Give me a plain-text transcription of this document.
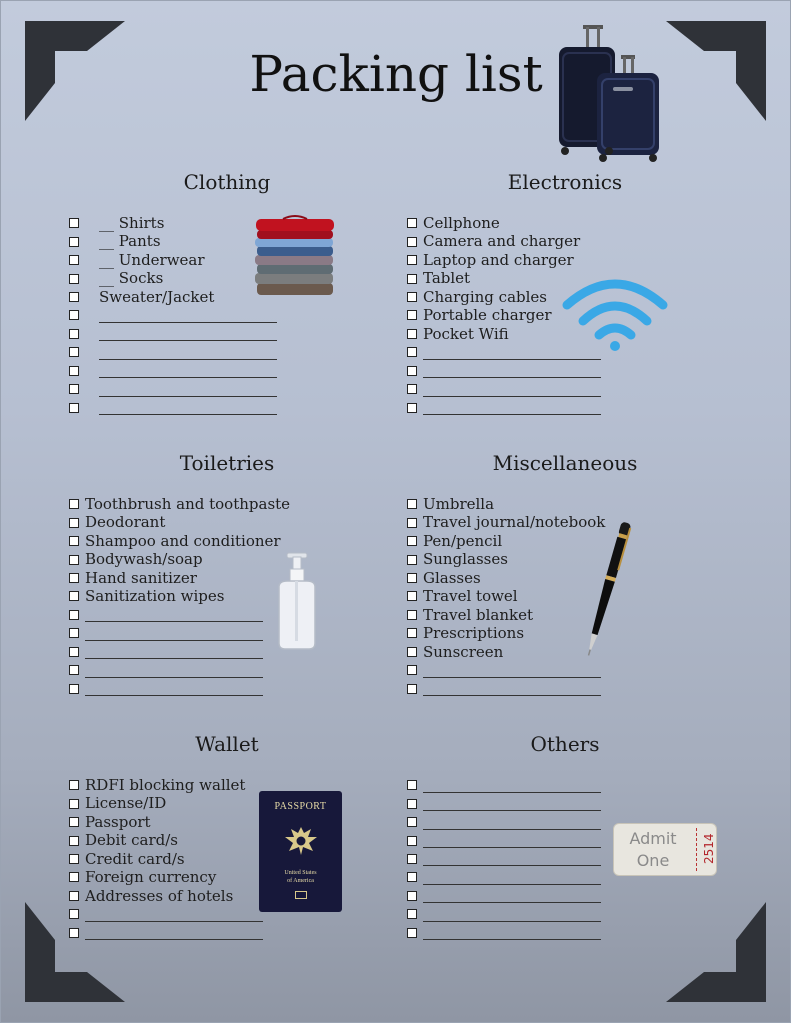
Packing list
Clothing
__ Shirts
__ Pants
__ Underwear
__ Socks
Sweater/Jacket
Electronics
Cellphone
Camera and charger
Laptop and charger
Tablet
Charging cables
Portable charger
Pocket Wifi
Toiletries
Toothbrush and toothpaste
Deodorant
Shampoo and conditioner
Bodywash/soap
Hand sanitizer
Sanitization wipes
Miscellaneous
Umbrella
Travel journal/notebook
Pen/pencil
Sunglasses
Glasses
Travel towel
Travel blanket
Prescriptions
Sunscreen
Wallet
RDFI blocking wallet
License/ID
Passport
Debit card/s
Credit card/s
Foreign currency
Addresses of hotels
PASSPORT
United States
of America
Others
Admit
One	2514
